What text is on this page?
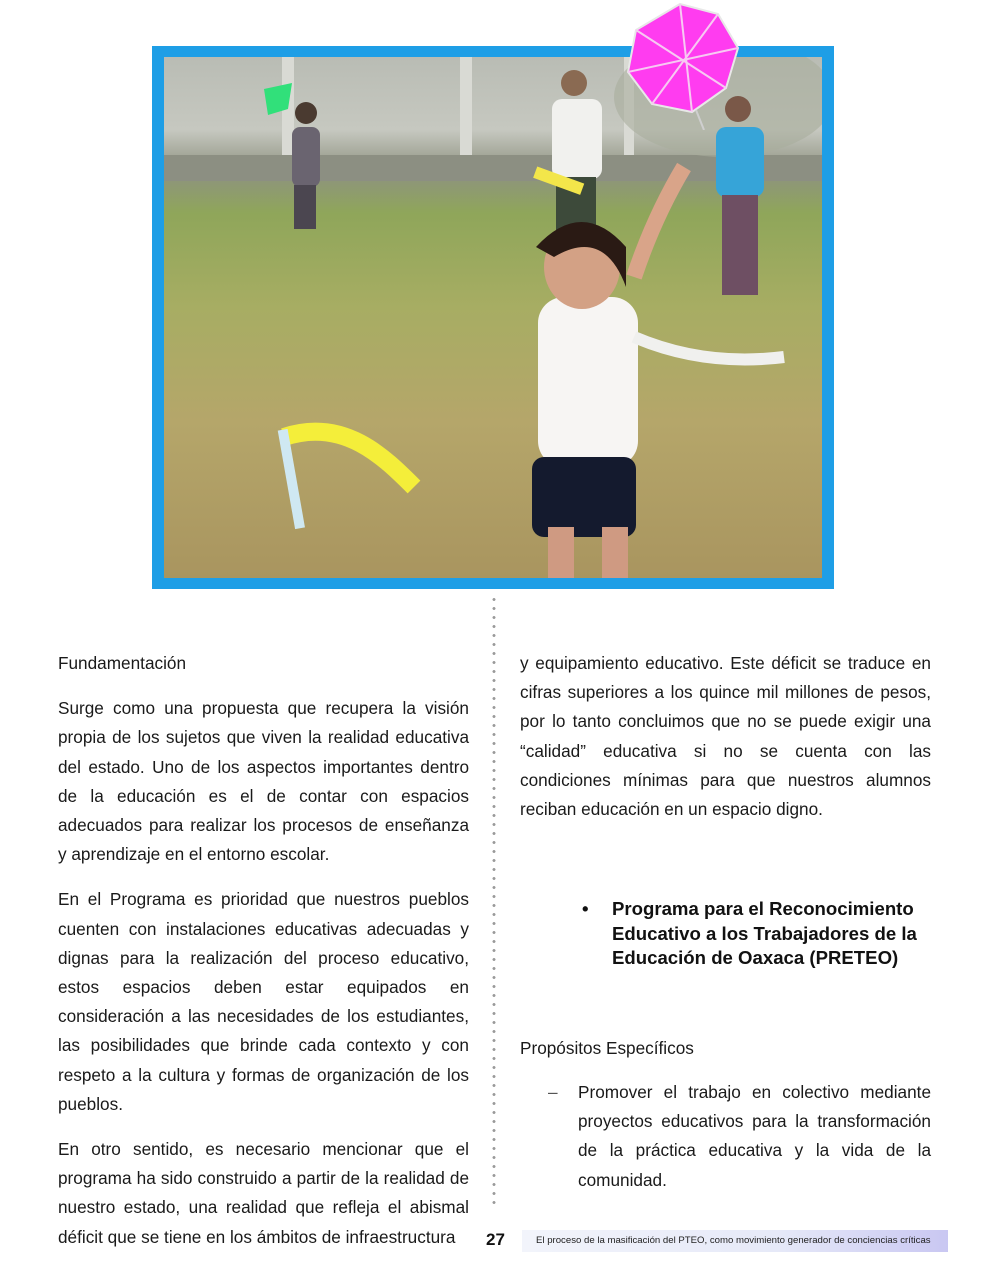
Fundamentación

Surge como una propuesta que recupera la visión propia de los sujetos que viven la realidad educativa del estado. Uno de los aspectos importantes dentro de la educación es el de contar con espacios adecuados para realizar los procesos de enseñanza y aprendizaje en el entorno escolar.

En el Programa es prioridad que nuestros pueblos cuenten con instalaciones educativas adecuadas y dignas para la realización del proceso educativo, estos espacios deben estar equipados en consideración a las necesidades de los estudiantes, las posibilidades que brinde cada contexto y con respeto a la cultura y formas de organización de los pueblos.

En otro sentido, es necesario mencionar que el programa ha sido construido a partir de la realidad de nuestro estado, una realidad que refleja el abismal déficit que se tiene en los ámbitos de infraestructura

y equipamiento educativo. Este déficit se traduce en cifras superiores a los quince mil millones de pesos, por lo tanto concluimos que no se puede exigir una “calidad” educativa si no se cuenta con las condiciones mínimas para que nuestros alumnos reciban educación en un espacio digno.

• Programa para el Reconocimiento Educativo a los Trabajadores de la Educación de Oaxaca (PRETEO)
Propósitos Específicos
– Promover el trabajo en colectivo mediante proyectos educativos para la transformación de la práctica educativa y la vida de la comunidad.
27	El proceso de la masificación del PTEO, como movimiento generador de conciencias críticas
